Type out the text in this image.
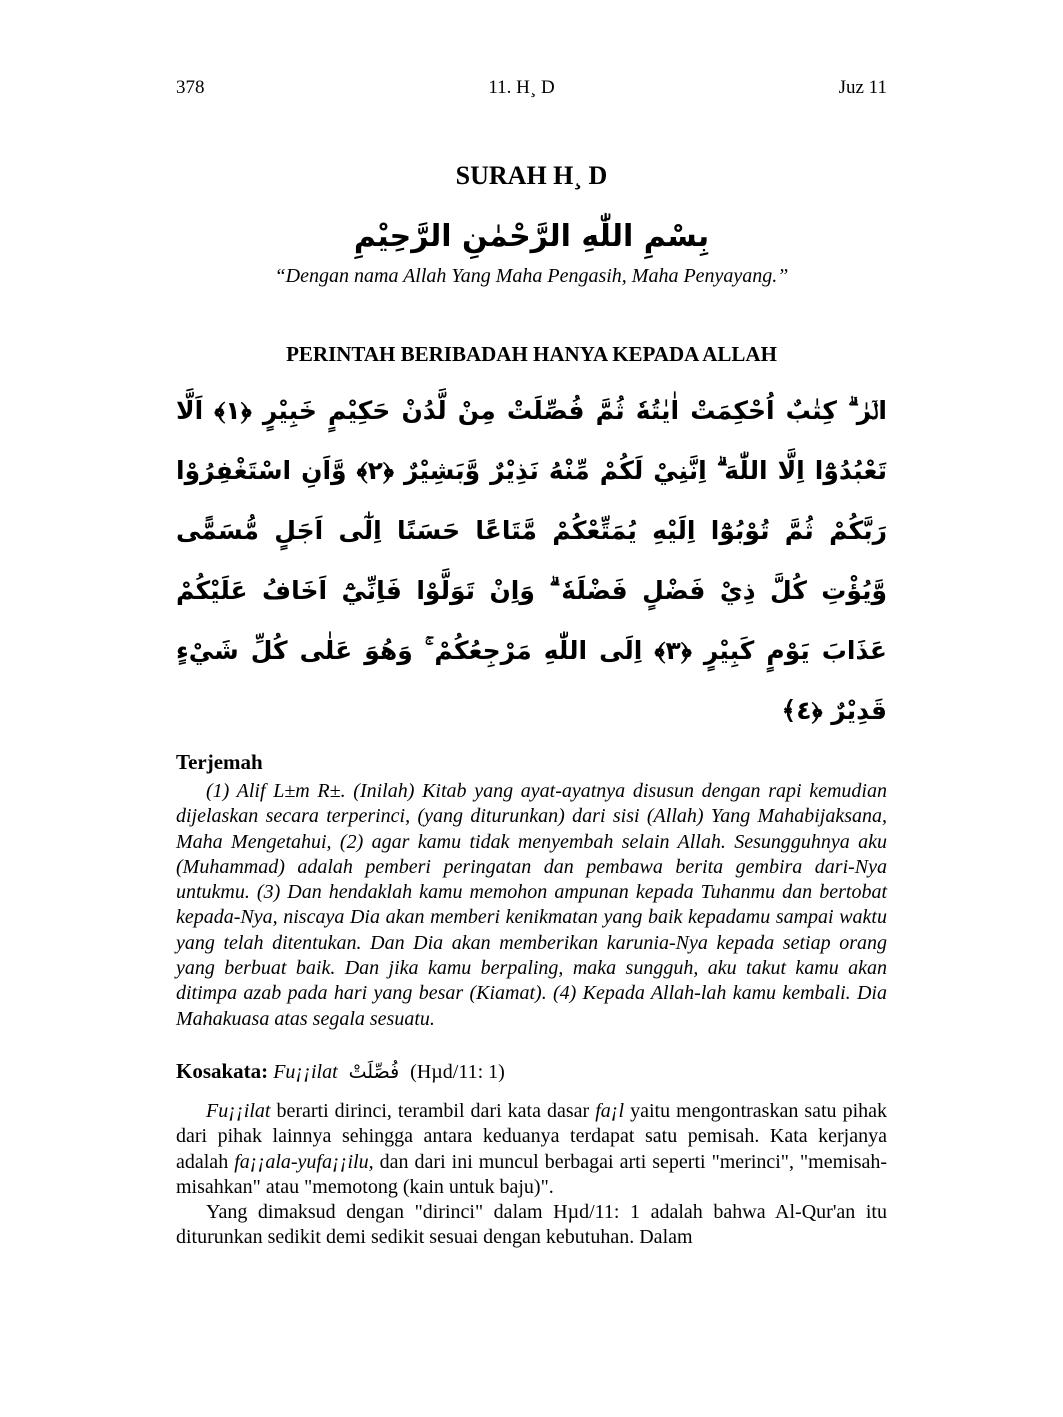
378	11. H¸ D	Juz 11
SURAH H¸ D
بِسْمِ اللّٰهِ الرَّحْمٰنِ الرَّحِيْمِ
“Dengan nama Allah Yang Maha Pengasih, Maha Penyayang.”
PERINTAH BERIBADAH HANYA KEPADA ALLAH
الۤرٰ ۗ كِتٰبٌ اُحْكِمَتْ اٰيٰتُهٗ ثُمَّ فُصِّلَتْ مِنْ لَّدُنْ حَكِيْمٍ خَبِيْرٍ ﴿١﴾ اَلَّا تَعْبُدُوْٓا اِلَّا اللّٰهَ ۗ اِنَّنِيْ لَكُمْ مِّنْهُ نَذِيْرٌ وَّبَشِيْرٌ ﴿٢﴾ وَّاَنِ اسْتَغْفِرُوْا رَبَّكُمْ ثُمَّ تُوْبُوْٓا اِلَيْهِ يُمَتِّعْكُمْ مَّتَاعًا حَسَنًا اِلٰٓى اَجَلٍ مُّسَمًّى وَّيُؤْتِ كُلَّ ذِيْ فَضْلٍ فَضْلَهٗ ۗ وَاِنْ تَوَلَّوْا فَاِنِّيْٓ اَخَافُ عَلَيْكُمْ عَذَابَ يَوْمٍ كَبِيْرٍ ﴿٣﴾ اِلَى اللّٰهِ مَرْجِعُكُمْ ۚ وَهُوَ عَلٰى كُلِّ شَيْءٍ قَدِيْرٌ ﴿٤﴾
Terjemah

(1) Alif L±m R±. (Inilah) Kitab yang ayat-ayatnya disusun dengan rapi kemudian dijelaskan secara terperinci, (yang diturunkan) dari sisi (Allah) Yang Mahabijaksana, Maha Mengetahui, (2) agar kamu tidak menyembah selain Allah. Sesungguhnya aku (Muhammad) adalah pemberi peringatan dan pembawa berita gembira dari-Nya untukmu. (3) Dan hendaklah kamu memohon ampunan kepada Tuhanmu dan bertobat kepada-Nya, niscaya Dia akan memberi kenikmatan yang baik kepadamu sampai waktu yang telah ditentukan. Dan Dia akan memberikan karunia-Nya kepada setiap orang yang berbuat baik. Dan jika kamu berpaling, maka sungguh, aku takut kamu akan ditimpa azab pada hari yang besar (Kiamat). (4) Kepada Allah-lah kamu kembali. Dia Mahakuasa atas segala sesuatu.

Kosakata: Fu¡¡ilat فُصِّلَتْ (Hµd/11: 1)

Fu¡¡ilat berarti dirinci, terambil dari kata dasar fa¡l yaitu mengontraskan satu pihak dari pihak lainnya sehingga antara keduanya terdapat satu pemisah. Kata kerjanya adalah fa¡¡ala-yufa¡¡ilu, dan dari ini muncul berbagai arti seperti "merinci", "memisah-misahkan" atau "memotong (kain untuk baju)".

Yang dimaksud dengan "dirinci" dalam Hµd/11: 1 adalah bahwa Al-Qur'an itu diturunkan sedikit demi sedikit sesuai dengan kebutuhan. Dalam
